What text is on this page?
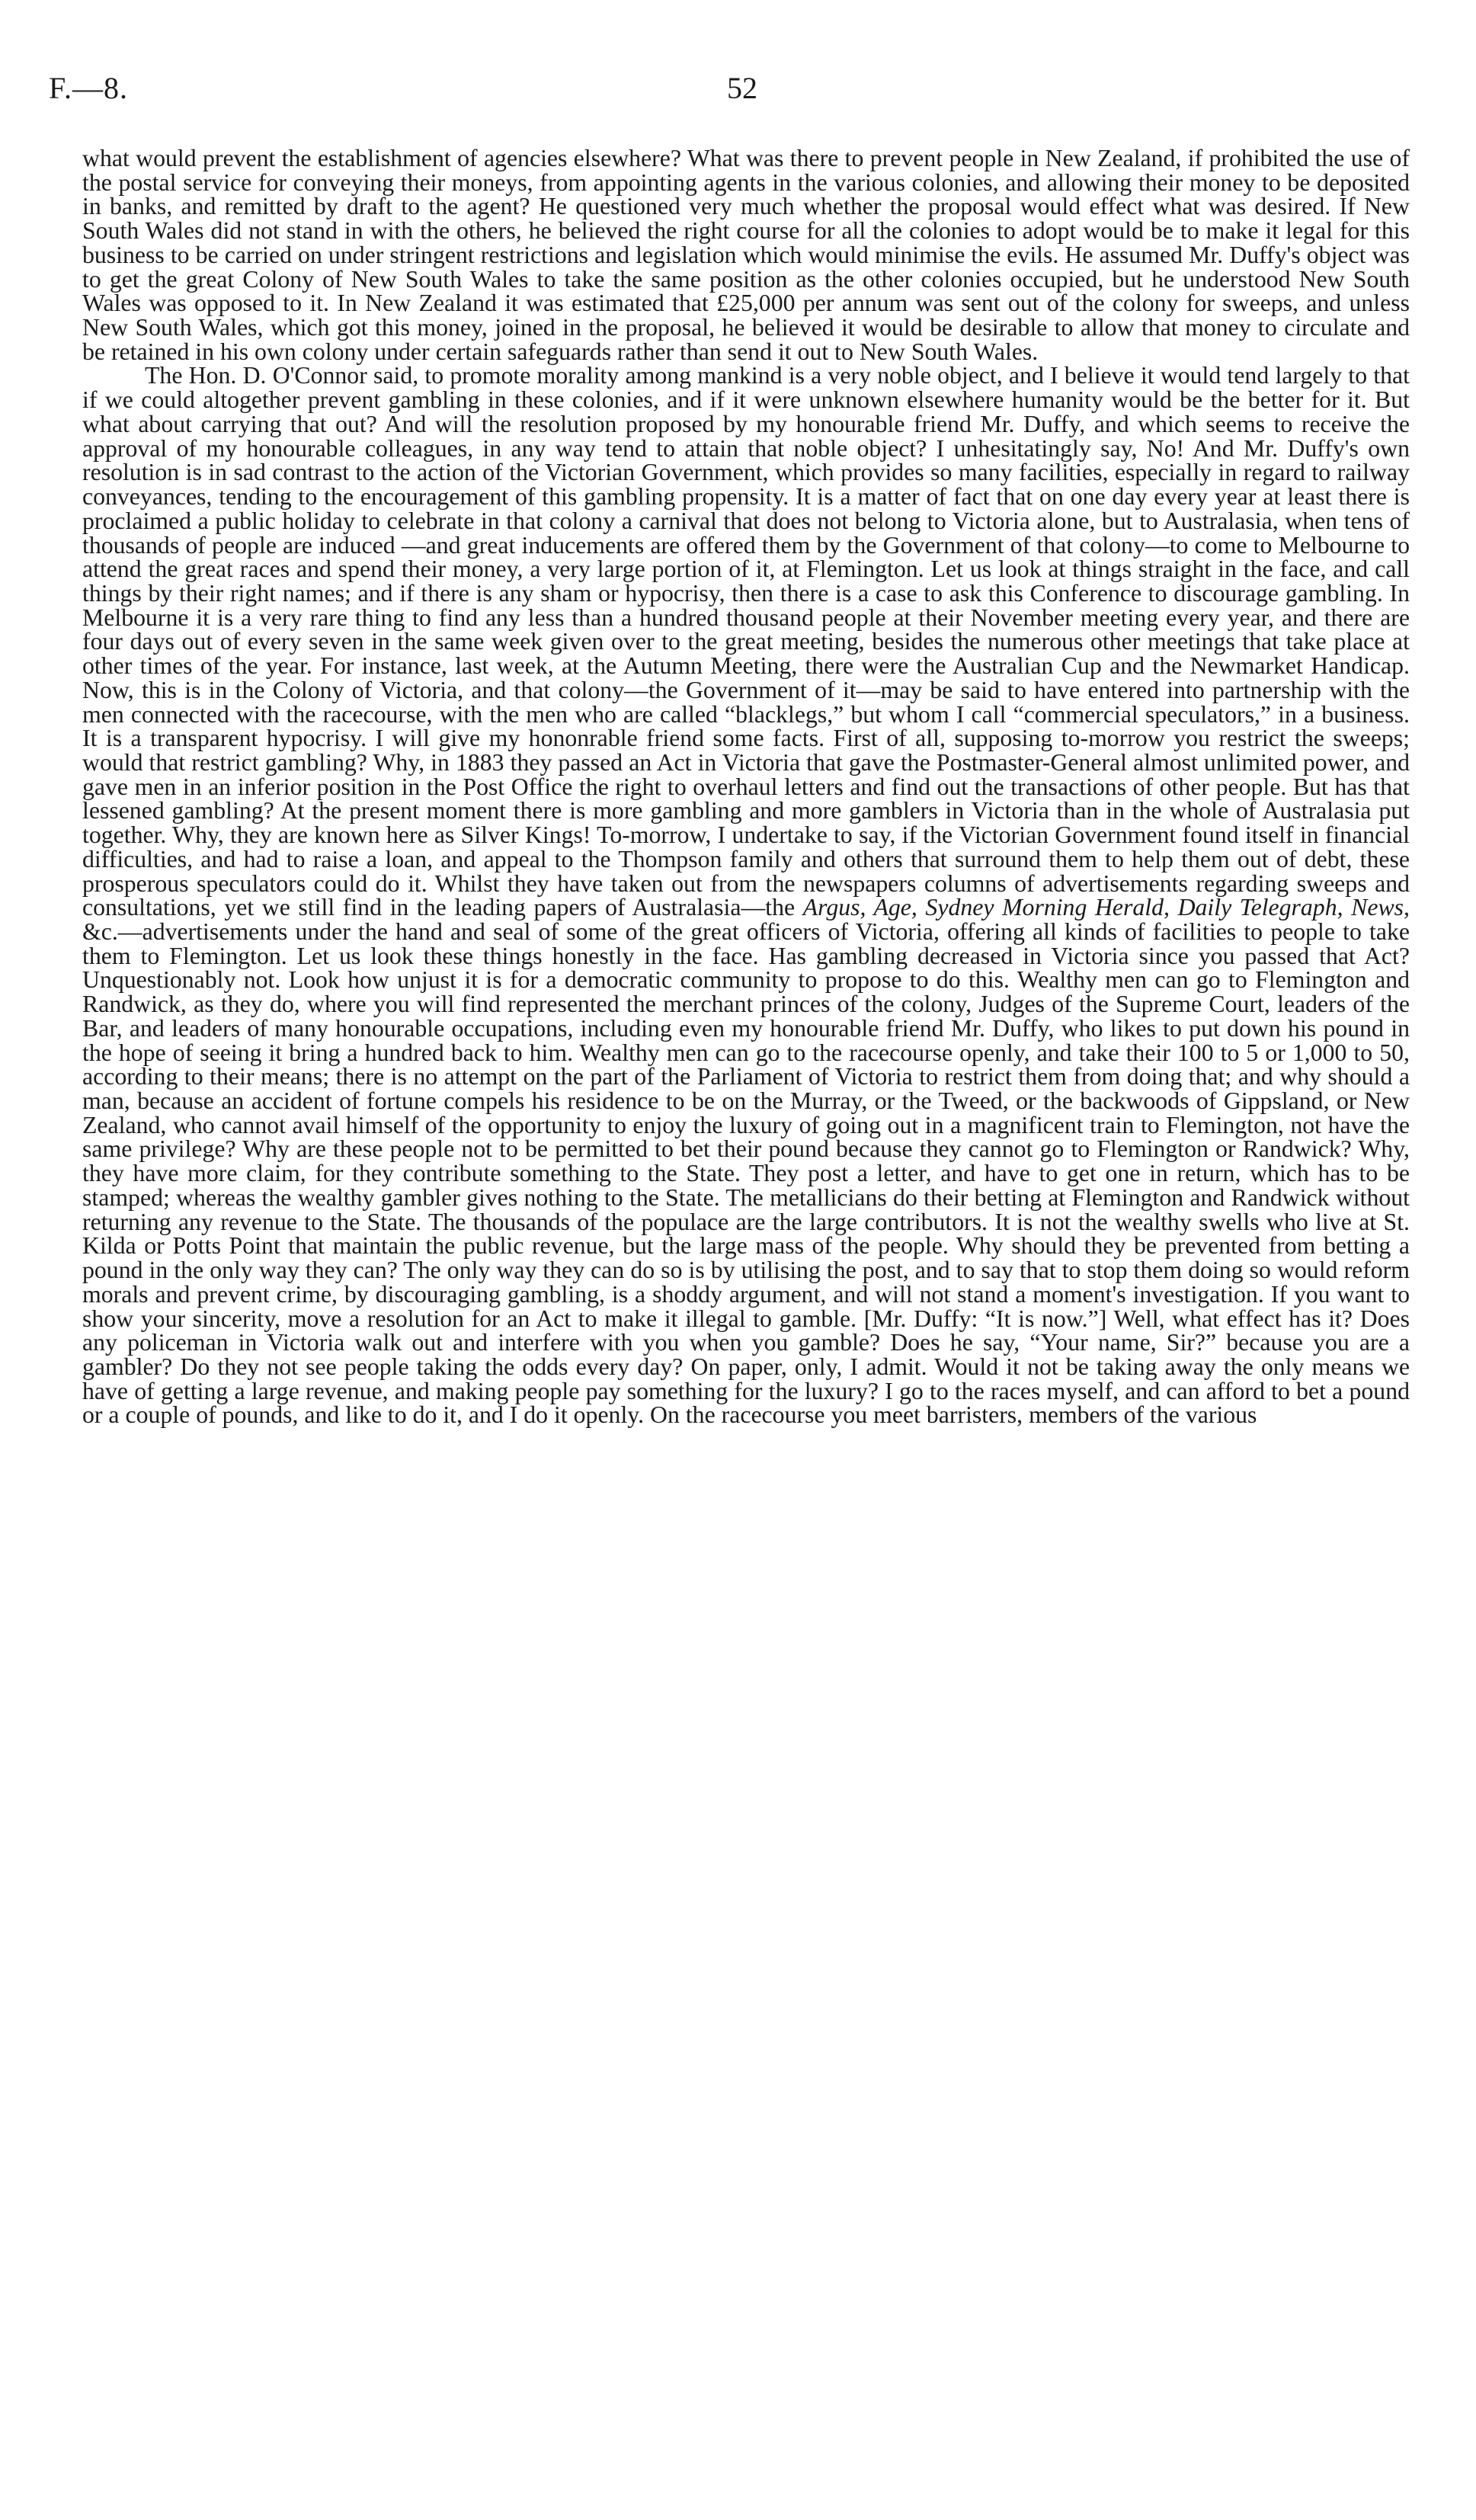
F.—8.	52

what would prevent the establishment of agencies elsewhere? What was there to prevent people in New Zealand, if prohibited the use of the postal service for conveying their moneys, from appointing agents in the various colonies, and allowing their money to be deposited in banks, and remitted by draft to the agent? He questioned very much whether the proposal would effect what was desired. If New South Wales did not stand in with the others, he believed the right course for all the colonies to adopt would be to make it legal for this business to be carried on under stringent restrictions and legislation which would minimise the evils. He assumed Mr. Duffy's object was to get the great Colony of New South Wales to take the same position as the other colonies occupied, but he understood New South Wales was opposed to it. In New Zealand it was estimated that £25,000 per annum was sent out of the colony for sweeps, and unless New South Wales, which got this money, joined in the proposal, he believed it would be desirable to allow that money to circulate and be retained in his own colony under certain safeguards rather than send it out to New South Wales.

The Hon. D. O'Connor said, to promote morality among mankind is a very noble object, and I believe it would tend largely to that if we could altogether prevent gambling in these colonies, and if it were unknown elsewhere humanity would be the better for it. But what about carrying that out? And will the resolution proposed by my honourable friend Mr. Duffy, and which seems to receive the approval of my honourable colleagues, in any way tend to attain that noble object? I unhesitatingly say, No! And Mr. Duffy's own resolution is in sad contrast to the action of the Victorian Government, which provides so many facilities, especially in regard to railway conveyances, tending to the encouragement of this gambling propensity. It is a matter of fact that on one day every year at least there is proclaimed a public holiday to celebrate in that colony a carnival that does not belong to Victoria alone, but to Australasia, when tens of thousands of people are induced —and great inducements are offered them by the Government of that colony—to come to Melbourne to attend the great races and spend their money, a very large portion of it, at Flemington. Let us look at things straight in the face, and call things by their right names; and if there is any sham or hypocrisy, then there is a case to ask this Conference to discourage gambling. In Melbourne it is a very rare thing to find any less than a hundred thousand people at their November meeting every year, and there are four days out of every seven in the same week given over to the great meeting, besides the numerous other meetings that take place at other times of the year. For instance, last week, at the Autumn Meeting, there were the Australian Cup and the Newmarket Handicap. Now, this is in the Colony of Victoria, and that colony—the Government of it—may be said to have entered into partnership with the men connected with the racecourse, with the men who are called “blacklegs,” but whom I call “commercial speculators,” in a business. It is a transparent hypocrisy. I will give my hononrable friend some facts. First of all, supposing to-morrow you restrict the sweeps; would that restrict gambling? Why, in 1883 they passed an Act in Victoria that gave the Postmaster-General almost unlimited power, and gave men in an inferior position in the Post Office the right to overhaul letters and find out the transactions of other people. But has that lessened gambling? At the present moment there is more gambling and more gamblers in Victoria than in the whole of Australasia put together. Why, they are known here as Silver Kings! To-morrow, I undertake to say, if the Victorian Government found itself in financial difficulties, and had to raise a loan, and appeal to the Thompson family and others that surround them to help them out of debt, these prosperous speculators could do it. Whilst they have taken out from the newspapers columns of advertisements regarding sweeps and consultations, yet we still find in the leading papers of Australasia—the Argus, Age, Sydney Morning Herald, Daily Telegraph, News, &c.—advertisements under the hand and seal of some of the great officers of Victoria, offering all kinds of facilities to people to take them to Flemington. Let us look these things honestly in the face. Has gambling decreased in Victoria since you passed that Act? Unquestionably not. Look how unjust it is for a democratic community to propose to do this. Wealthy men can go to Flemington and Randwick, as they do, where you will find represented the merchant princes of the colony, Judges of the Supreme Court, leaders of the Bar, and leaders of many honourable occupations, including even my honourable friend Mr. Duffy, who likes to put down his pound in the hope of seeing it bring a hundred back to him. Wealthy men can go to the racecourse openly, and take their 100 to 5 or 1,000 to 50, according to their means; there is no attempt on the part of the Parliament of Victoria to restrict them from doing that; and why should a man, because an accident of fortune compels his residence to be on the Murray, or the Tweed, or the backwoods of Gippsland, or New Zealand, who cannot avail himself of the opportunity to enjoy the luxury of going out in a magnificent train to Flemington, not have the same privilege? Why are these people not to be permitted to bet their pound because they cannot go to Flemington or Randwick? Why, they have more claim, for they contribute something to the State. They post a letter, and have to get one in return, which has to be stamped; whereas the wealthy gambler gives nothing to the State. The metallicians do their betting at Flemington and Randwick without returning any revenue to the State. The thousands of the populace are the large contributors. It is not the wealthy swells who live at St. Kilda or Potts Point that maintain the public revenue, but the large mass of the people. Why should they be prevented from betting a pound in the only way they can? The only way they can do so is by utilising the post, and to say that to stop them doing so would reform morals and prevent crime, by discouraging gambling, is a shoddy argument, and will not stand a moment's investigation. If you want to show your sincerity, move a resolution for an Act to make it illegal to gamble. [Mr. Duffy: “It is now.”] Well, what effect has it? Does any policeman in Victoria walk out and interfere with you when you gamble? Does he say, “Your name, Sir?” because you are a gambler? Do they not see people taking the odds every day? On paper, only, I admit. Would it not be taking away the only means we have of getting a large revenue, and making people pay something for the luxury? I go to the races myself, and can afford to bet a pound or a couple of pounds, and like to do it, and I do it openly. On the racecourse you meet barristers, members of the various
